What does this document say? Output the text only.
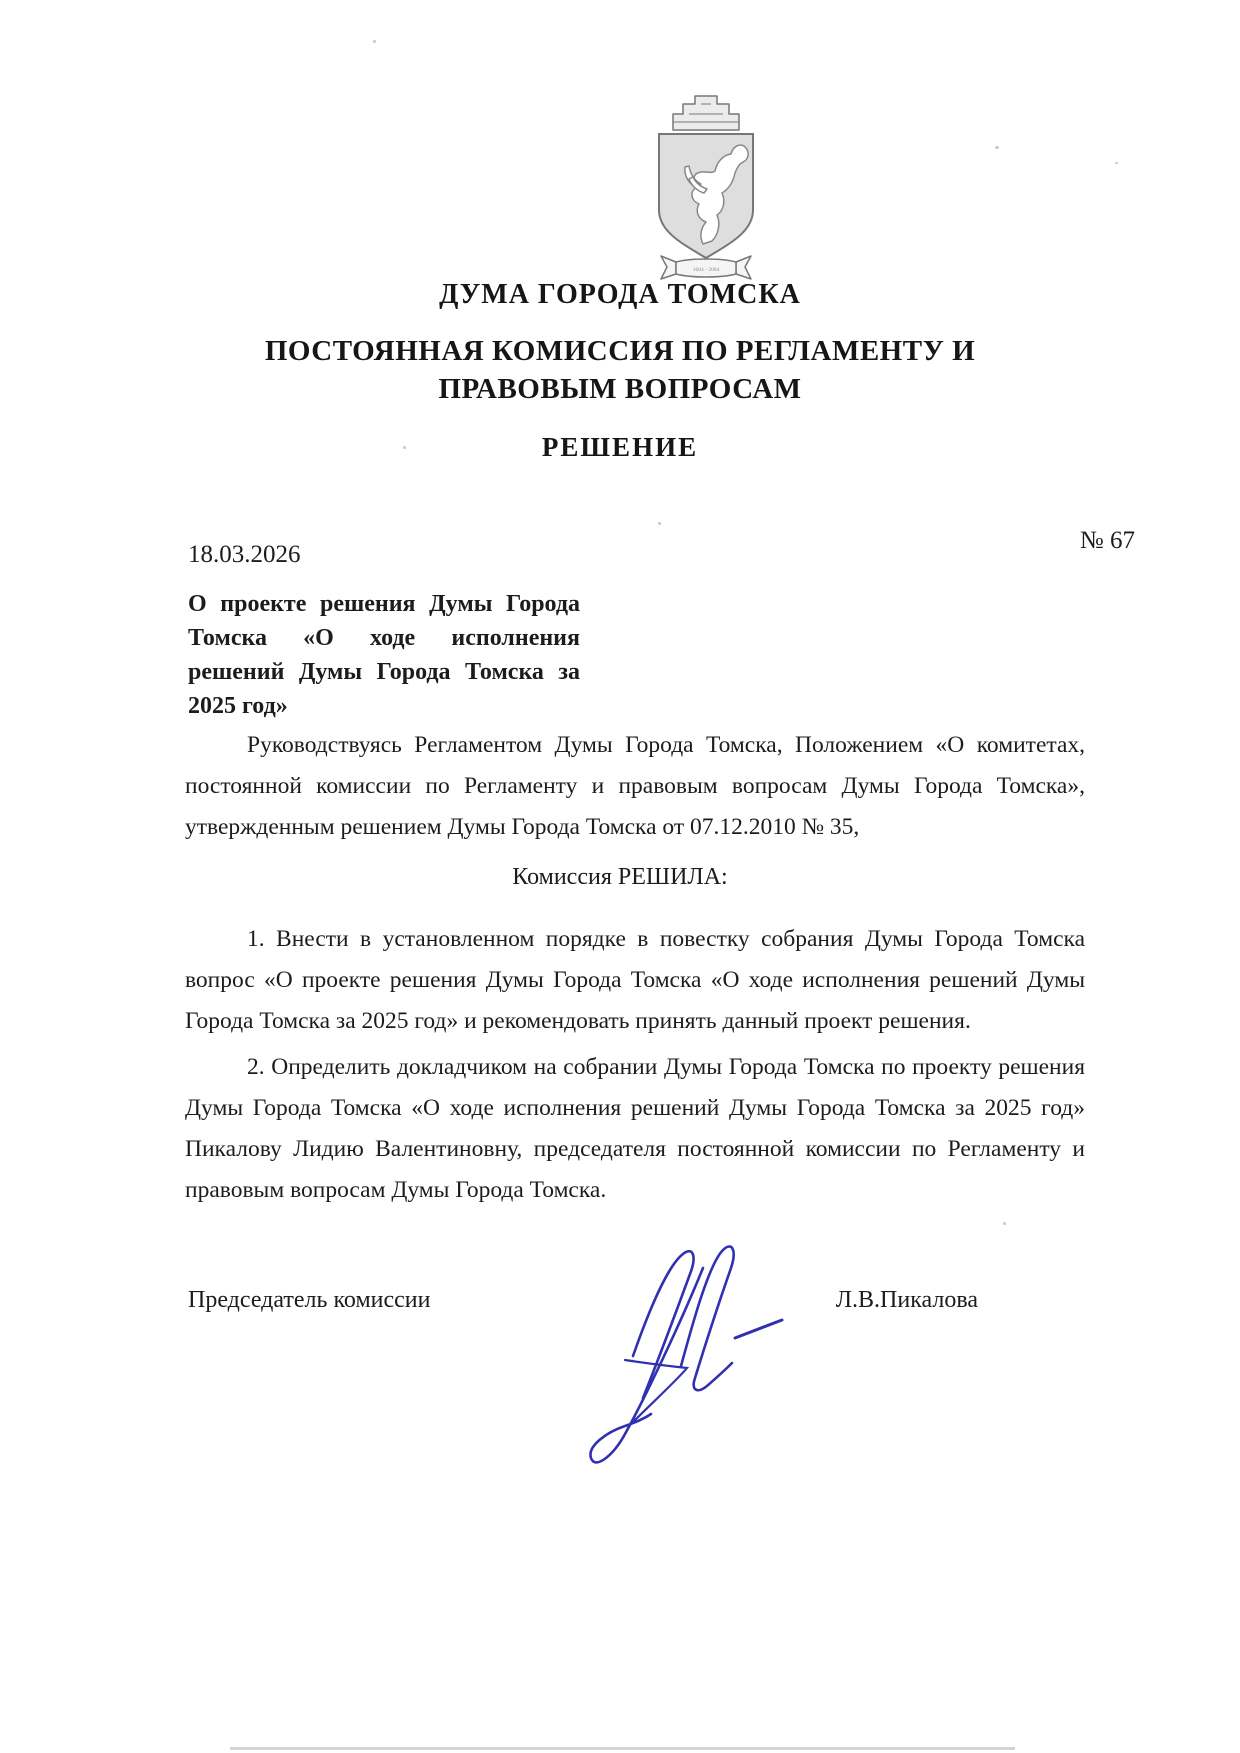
1604 - 2004
ДУМА ГОРОДА ТОМСКА
ПОСТОЯННАЯ КОМИССИЯ ПО РЕГЛАМЕНТУ И ПРАВОВЫМ ВОПРОСАМ
РЕШЕНИЕ
18.03.2026
№ 67
О проекте решения Думы Города Томска «О ходе исполнения решений Думы Города Томска за 2025 год»

Руководствуясь Регламентом Думы Города Томска, Положением «О комитетах, постоянной комиссии по Регламенту и правовым вопросам Думы Города Томска», утвержденным решением Думы Города Томска от 07.12.2010 № 35,

Комиссия РЕШИЛА:

1. Внести в установленном порядке в повестку собрания Думы Города Томска вопрос «О проекте решения Думы Города Томска «О ходе исполнения решений Думы Города Томска за 2025 год» и рекомендовать принять данный проект решения.

2. Определить докладчиком на собрании Думы Города Томска по проекту решения Думы Города Томска «О ходе исполнения решений Думы Города Томска за 2025 год» Пикалову Лидию Валентиновну, председателя постоянной комиссии по Регламенту и правовым вопросам Думы Города Томска.

Председатель комиссии	Л.В.Пикалова
